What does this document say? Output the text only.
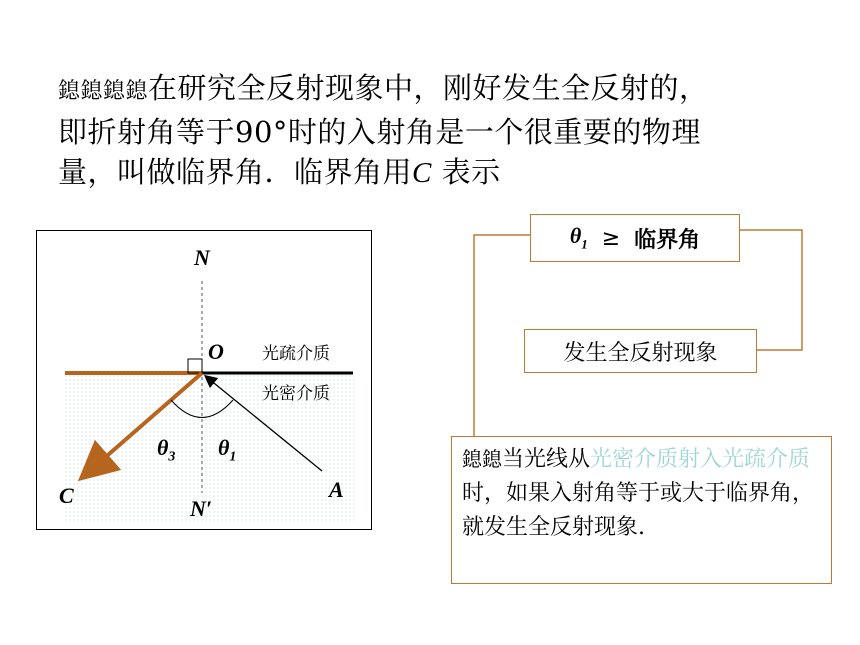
鎴鎴鎴鎴在研究全反射现象中，刚好发生全反射的，
即折射角等于90°时的入射角是一个很重要的物理
量，叫做临界角．临界角用C 表示
N
O 光疏介质
光密介质
$\theta_3$ $\theta_1$
C	A
N′
$\theta_1$ ≥ 临界角
发生全反射现象
鎴鎴当光线从光密介质射入光疏介质时，如果入射角等于或大于临界角，就发生全反射现象.
